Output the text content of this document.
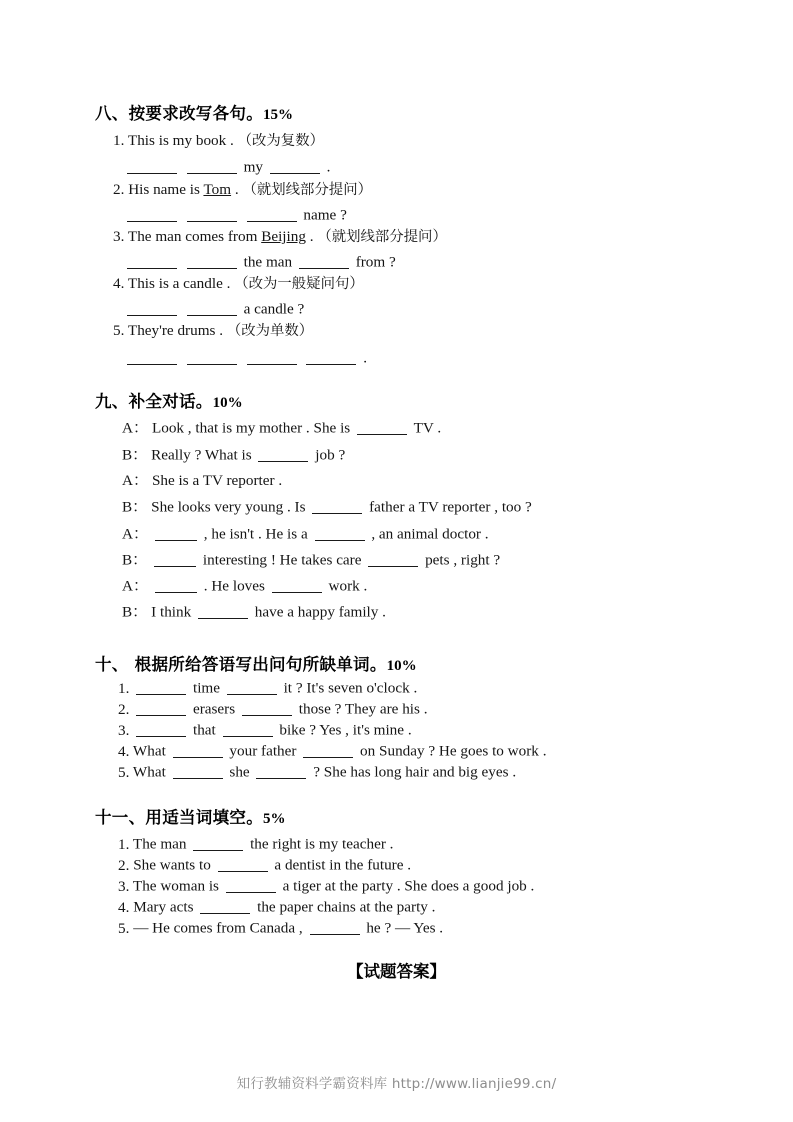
八、按要求改写各句。15%
1. This is my book . （改为复数）
my	.
2. His name is Tom . （就划线部分提问）
name ?
3. The man comes from Beijing . （就划线部分提问）
the man	from ?
4. This is a candle . （改为一般疑问句）
a candle ?
5. They're drums . （改为单数）
.
九、补全对话。10%
A： Look , that is my mother . She is	TV .
B： Really ? What is	job ?
A： She is a TV reporter .
B： She looks very young . Is	father a TV reporter , too ?
A：	, he isn't . He is a	, an animal doctor .
B：	interesting ! He takes care	pets , right ?
A：	. He loves	work .
B： I think	have a happy family .
十、 根据所给答语写出问句所缺单词。10%
1.	time	it ? It's seven o'clock .
2.	erasers	those ? They are his .
3.	that	bike ? Yes , it's mine .
4. What	your father	on Sunday ? He goes to work .
5. What	she	? She has long hair and big eyes .
十一、用适当词填空。5%
1. The man	the right is my teacher .
2. She wants to	a dentist in the future .
3. The woman is	a tiger at the party . She does a good job .
4. Mary acts	the paper chains at the party .
5. — He comes from Canada ,	he ? — Yes .
【试题答案】
知行教辅资料学霸资料库 http://www.lianjie99.cn/
